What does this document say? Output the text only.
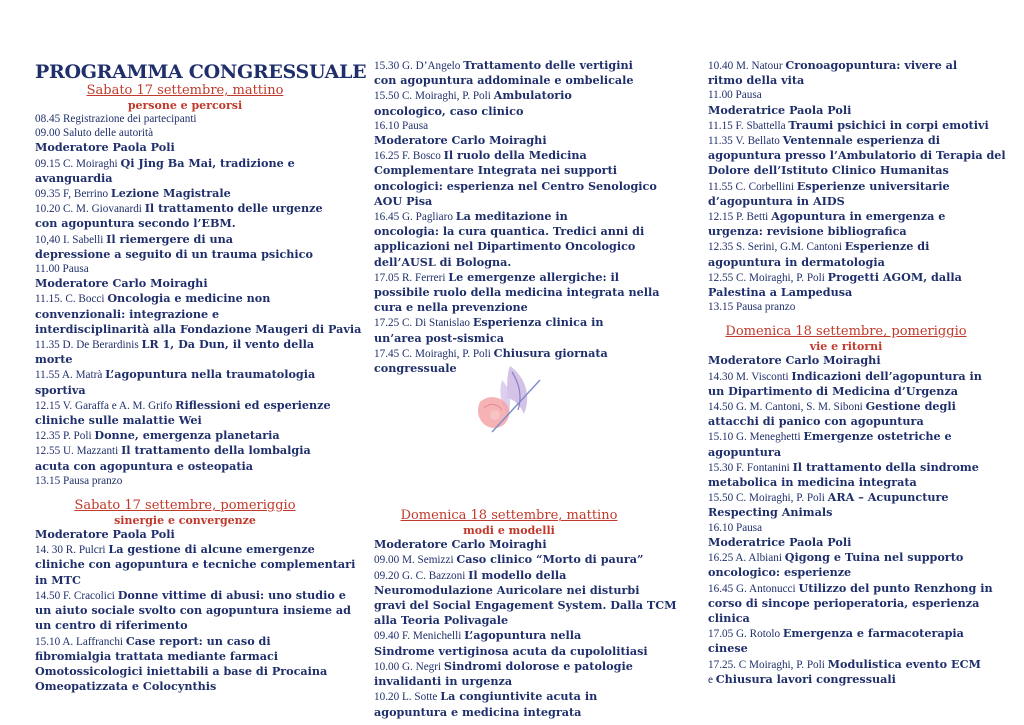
PROGRAMMA CONGRESSUALE
Sabato 17 settembre, mattino
persone e percorsi
08.45 Registrazione dei partecipanti
09.00 Saluto delle autorità
Moderatore Paola Poli
09.15 C. Moiraghi Qi Jing Ba Mai, tradizione e
avanguardia
09.35 F, Berrino Lezione Magistrale
10.20 C. M. Giovanardi Il trattamento delle urgenze
con agopuntura secondo l’EBM.
10,40 I. Sabelli Il riemergere di una
depressione a seguito di un trauma psichico
11.00 Pausa
Moderatore Carlo Moiraghi
11.15. C. Bocci Oncologia e medicine non
convenzionali: integrazione e
interdisciplinarità alla Fondazione Maugeri di Pavia
11.35 D. De Berardinis LR 1, Da Dun, il vento della
morte
11.55 A. Matrà L’agopuntura nella traumatologia
sportiva
12.15 V. Garaffa e A. M. Grifo Riflessioni ed esperienze
cliniche sulle malattie Wei
12.35 P. Poli Donne, emergenza planetaria
12.55 U. Mazzanti Il trattamento della lombalgia
acuta con agopuntura e osteopatia
13.15 Pausa pranzo
Sabato 17 settembre, pomeriggio
sinergie e convergenze
Moderatore Paola Poli
14. 30 R. Pulcri La gestione di alcune emergenze
cliniche con agopuntura e tecniche complementari
in MTC
14.50 F. Cracolici Donne vittime di abusi: uno studio e
un aiuto sociale svolto con agopuntura insieme ad
un centro di riferimento
15.10 A. Laffranchi Case report: un caso di
fibromialgia trattata mediante farmaci
Omotossicologici iniettabili a base di Procaina
Omeopatizzata e Colocynthis
15.30 G. D’Angelo Trattamento delle vertigini
con agopuntura addominale e ombelicale
15.50 C. Moiraghi, P. Poli Ambulatorio
oncologico, caso clinico
16.10 Pausa
Moderatore Carlo Moiraghi
16.25 F. Bosco Il ruolo della Medicina
Complementare Integrata nei supporti
oncologici: esperienza nel Centro Senologico
AOU Pisa
16.45 G. Pagliaro La meditazione in
oncologia: la cura quantica. Tredici anni di
applicazioni nel Dipartimento Oncologico
dell’AUSL di Bologna.
17.05 R. Ferreri Le emergenze allergiche: il
possibile ruolo della medicina integrata nella
cura e nella prevenzione
17.25 C. Di Stanislao Esperienza clinica in
un’area post-sismica
17.45 C. Moiraghi, P. Poli Chiusura giornata
congressuale
Domenica 18 settembre, mattino
modi e modelli
Moderatore Carlo Moiraghi
09.00 M. Semizzi Caso clinico “Morto di paura”
09.20 G. C. Bazzoni Il modello della
Neuromodulazione Auricolare nei disturbi
gravi del Social Engagement System. Dalla TCM
alla Teoria Polivagale
09.40 F. Menichelli L’agopuntura nella
Sindrome vertiginosa acuta da cupololitiasi
10.00 G. Negri Sindromi dolorose e patologie
invalidanti in urgenza
10.20 L. Sotte La congiuntivite acuta in
agopuntura e medicina integrata
10.40 M. Natour Cronoagopuntura: vivere al
ritmo della vita
11.00 Pausa
Moderatrice Paola Poli
11.15 F. Sbattella Traumi psichici in corpi emotivi
11.35 V. Bellato Ventennale esperienza di
agopuntura presso l’Ambulatorio di Terapia del
Dolore dell’Istituto Clinico Humanitas
11.55 C. Corbellini Esperienze universitarie
d’agopuntura in AIDS
12.15 P. Betti Agopuntura in emergenza e
urgenza: revisione bibliografica
12.35 S. Serini, G.M. Cantoni Esperienze di
agopuntura in dermatologia
12.55 C. Moiraghi, P. Poli Progetti AGOM, dalla
Palestina a Lampedusa
13.15 Pausa pranzo
Domenica 18 settembre, pomeriggio
vie e ritorni
Moderatore Carlo Moiraghi
14.30 M. Visconti Indicazioni dell’agopuntura in
un Dipartimento di Medicina d’Urgenza
14.50 G. M. Cantoni, S. M. Siboni Gestione degli
attacchi di panico con agopuntura
15.10 G. Meneghetti Emergenze ostetriche e
agopuntura
15.30 F. Fontanini Il trattamento della sindrome
metabolica in medicina integrata
15.50 C. Moiraghi, P. Poli ARA – Acupuncture
Respecting Animals
16.10 Pausa
Moderatrice Paola Poli
16.25 A. Albiani Qigong e Tuina nel supporto
oncologico: esperienze
16.45 G. Antonucci Utilizzo del punto Renzhong in
corso di sincope perioperatoria, esperienza
clinica
17.05 G. Rotolo Emergenza e farmacoterapia
cinese
17.25. C Moiraghi, P. Poli Modulistica evento ECM
e Chiusura lavori congressuali
